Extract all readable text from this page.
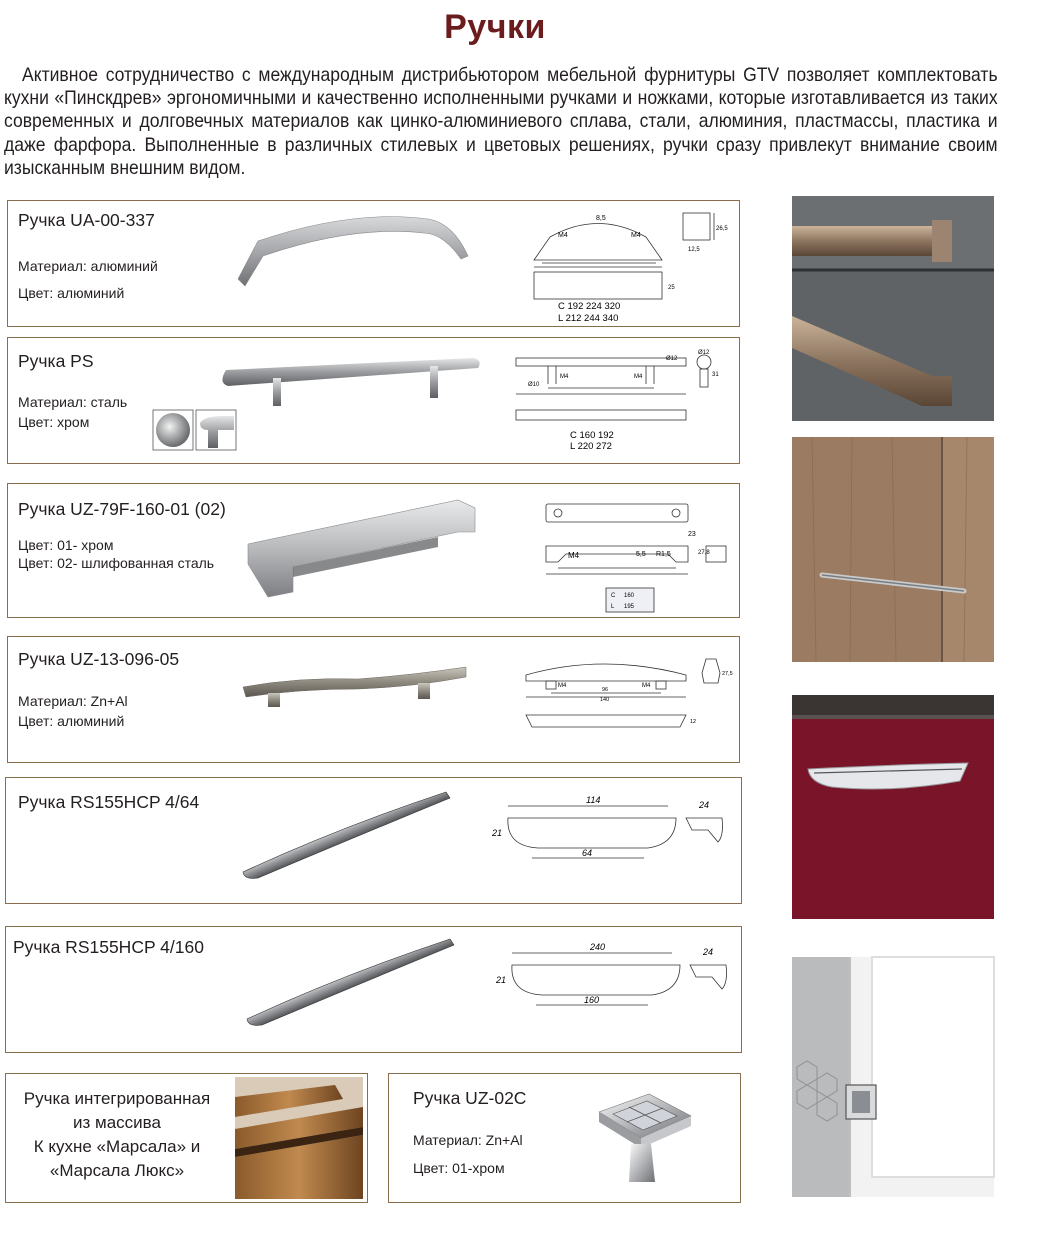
Ручки

Активное сотрудничество с международным дистрибьютором мебельной фурнитуры GTV позволяет комплектовать кухни «Пинскдрев» эргономичными и качественно исполненными ручками и ножками, которые изготавливается из таких современных и долговечных материалов как цинко-алюминиевого сплава, стали, алюминия, пластмассы, пластика и даже фарфора. Выполненные в различных стилевых и цветовых решениях, ручки сразу привлекут внимание своим изысканным внешним видом.

Ручка UA-00-337
Материал: алюминий
Цвет: алюминий
8,5
M4	M4
12,5
26,5
25
C 192 224 320
L 212 244 340
Ручка PS
Материал: сталь
Цвет: хром
Ø12
Ø12
Ø10
M4	M4	31
C 160 192
L 220 272
Ручка UZ-79F-160-01 (02)
Цвет: 01- хром
Цвет: 02- шлифованная сталь	M4	5,5 R1,5
23
27,8
C 160
L 195
Ручка UZ-13-096-05
Материал: Zn+Al
Цвет: алюминий
M4	M4
96
140
27,5
12
Ручка RS155HCP 4/64	114	24
21
64
Ручка RS155HCP 4/160	240	24
21
160
Ручка интегрированная
из массива
К кухне «Марсала» и
«Марсала Люкс»
Ручка UZ-02C
Материал: Zn+Al
Цвет: 01-хром
